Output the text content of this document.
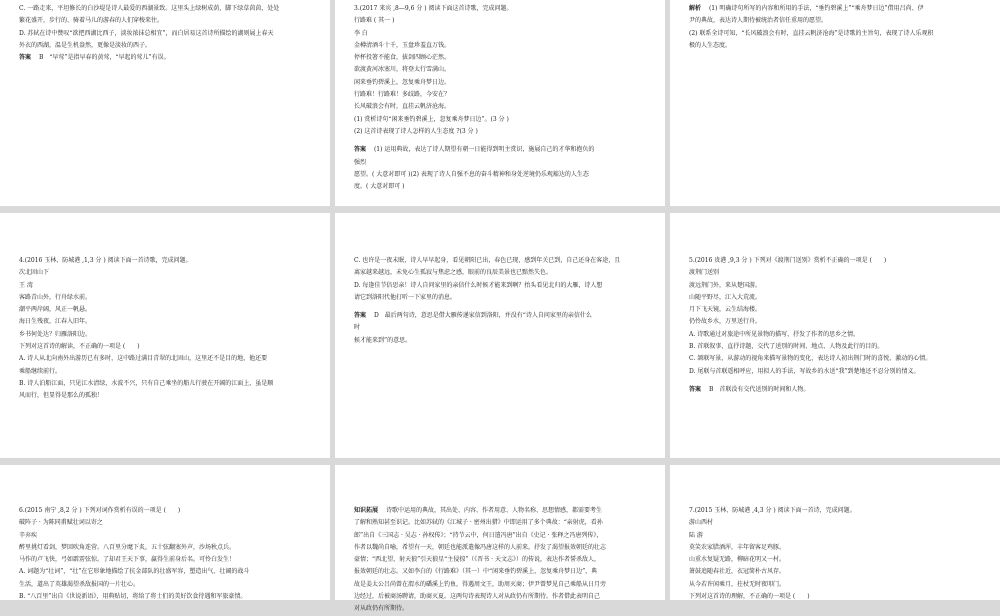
C. 一路走来，平坦修长的白沙堤是诗人最爱的西湖景致。这里头上绿树成荫，脚下绿草茵茵，处处
繁花盛开，步行的、骑着马儿的游春的人们穿梭来往。
D. 苏轼在诗中赞叹“欲把西湖比西子，淡妆浓抹总相宜”，而白居易这首诗所描绘的湖则展上春天
外衣的西湖，温是生机盎然，更像是淡妆的西子。
答案 B　“早莺”是指早春的黄莺，“早起的莺儿”有误。
3.(2017 来宾 ,8—9,6 分 ) 阅读下面这首诗歌，完成问题。
行路难 ( 其一 )
李 白
金樽清酒斗十千，玉盘珍羞直万钱。
停杯投箸不能食，拔剑四顾心茫然。
欲渡黄河冰塞川，将登太行雪满山。
闲来垂钓碧溪上，忽复乘舟梦日边。
行路难！行路难！多歧路，今安在？
长风破浪会有时，直挂云帆济沧海。
(1) 赏析诗句“闲来垂钓碧溪上，忽复乘舟梦日边”。(3 分 )
(2) 这首诗表现了诗人怎样的人生态度 ?(3 分 )
答案 (1) 运用典故，表达了诗人期望有朝一日能得到明主赏识，施展自己的才华和抱负的
强烈
愿望。( 大意对即可 )(2) 表现了诗人自强不息的奋斗精神和身处逆境仍乐观豁达的人生态
度。( 大意对即可 )
解析 (1) 明确诗句所写的内容和所用的手法，“垂钓碧溪上”“乘舟梦日边”借用吕尚、伊
尹的典故，表达诗人期待被统治者信任重用的愿望。
(2) 联系全诗可知，“长风破浪会有时，直挂云帆济沧海”是诗歌的主旨句，表现了诗人乐观积
极的人生态度。
4.(2016 玉林、防城港 ,1,3 分 ) 阅读下面一首诗歌，完成问题。
次北固山下
王 湾
客路青山外，行舟绿水前。
潮平两岸阔，风正一帆悬。
海日生残夜，江春入旧年。
乡书何处达？归雁洛阳边。
下列对这首诗的解读，不正确的一项是 (　　)
A. 诗人从北向南外出游历已有多时，这中路过满目青翠的北固山，这里还不是目的地，他还要
乘船继续前行。
B. 诗人泊船江面，只见江水清绿，水波不兴，只有自己乘坐的船儿行驶在开阔的江面上，虽是顺
风而行，但显得是那么的孤独！
C. 也许是一夜未眠，诗人早早起身，看见朝阳已出，春色已现，感到年关已到，自己还身在客途，且
离家越来越远，未免心生孤寂与焦虑之感，眼前的良辰美景也已黯然失色。
D. 每逢佳节倍思亲！诗人自问家里的亲信什么时候才能来到啊？抬头看见北归的大雁，诗人想
请它到洛阳代他打听一下家里的消息。
答案 D　最后两句诗，意思是借大雁传递家信到洛阳，并没有“诗人自问家里的亲信什么
时
候才能来到”的意思。
5.(2016 贵港 ,9,3 分 ) 下列对《渡荆门送别》赏析不正确的一项是 (　　)
渡荆门送别
渡远荆门外，来从楚国游。
山随平野尽，江入大荒流。
月下飞天镜，云生结海楼。
仍怜故乡水，万里送行舟。
A. 诗歌通过对旅途中所见景物的描写，抒发了作者的思乡之情。
B. 首联叙事，直抒诗题，交代了送别的时间、地点、人物及此行的目的。
C. 颔联写景，从游动的视角来描写景物的变化，表达诗人初出荆门时的喜悦、激动的心情。
D. 尾联与首联遥相呼应，用拟人的手法，写故乡的水送“我”到楚地还不忍分别的情义。
答案 B　首联没有交代送别的时间和人物。
6.(2015 南宁 ,8,2 分 ) 下列对词作赏析有误的一项是 (　　)
破阵子 · 为陈同甫赋壮词以寄之
辛弃疾
醉里挑灯看剑，梦回吹角连营。八百里分麾下炙，五十弦翻塞外声，沙场秋点兵。
马作的卢飞快，弓如霹雳弦惊。了却君王天下事，赢得生前身后名。可怜白发生！
A. 词题为“壮词”，“壮”在它形象地描绘了抗金部队的壮盛军容，塑造出气、壮阔的战斗
生活，道出了英雄渴望杀敌报国的一片壮心。
B. “八百里”出自《世说新语》，用典贴切，将给了将士们的美好饮食待遇和军旅豪情。
知识拓展 诗歌中运用的典故，其出处、内容、作者用意、人物名称、思想情感，都需要考生
了解和熟知甚至识记。比如苏轼的《江城子 · 密州出猎》中即运用了多个典故：“亲射虎，看孙
郎”出自《三国志 · 吴志 · 孙权传》；“持节云中，何日遣冯唐”出自《史记 · 张释之冯唐列传》，
作者以魏尚自喻，希望有一天，朝廷也能派遣像冯唐这样的人前来，抒发了渴望报效朝廷的壮志
豪情；“西北望，射天狼”引天狼星“主侵掠”（《晋书 · 天文志》）的传说，表达作者誓杀敌人，
报效朝廷的壮志。又如李白的《行路难》（其一）中“闲来垂钓碧溪上，忽复乘舟梦日边”，典
故是姜太公吕尚曾在渭水的磻溪上钓鱼，得遇周文王，助周灭商；伊尹曾梦见自己乘船从日月旁
边经过，后被商汤聘请，助商灭夏。这两句诗表现诗人对从政仍有所期待。作者借此表明自己
对从政仍有所期待。
7.(2015 玉林、防城港 ,4,3 分 ) 阅读下面一首诗，完成问题。
游山西村
陆 游
莫笑农家腊酒浑，丰年留客足鸡豚。
山重水复疑无路，柳暗花明又一村。
箫鼓追随春社近，衣冠简朴古风存。
从今若许闲乘月，拄杖无时夜叩门。
下列对这首诗的理解，不正确的一项是 (　　)
